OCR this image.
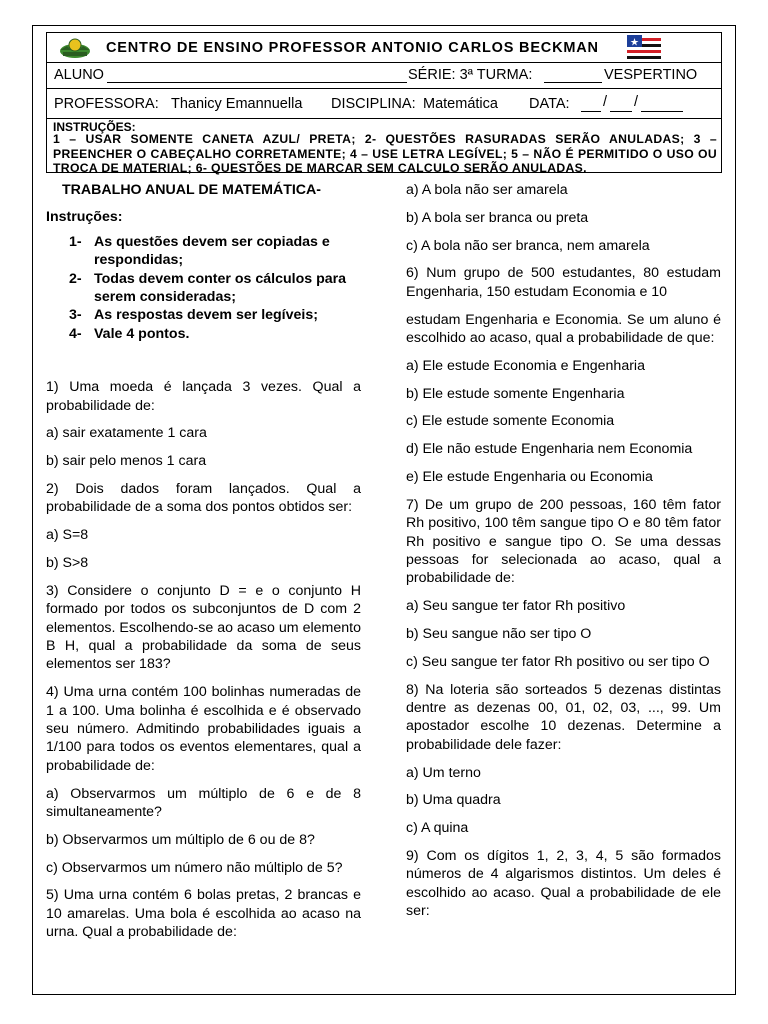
CENTRO DE ENSINO PROFESSOR ANTONIO CARLOS BECKMAN
ALUNO	SÉRIE: 3ª TURMA:	VESPERTINO
PROFESSORA: Thanicy Emannuella DISCIPLINA: Matemática DATA: / /
INSTRUÇÕES:
1 – USAR SOMENTE CANETA AZUL/ PRETA; 2- QUESTÕES RASURADAS SERÃO ANULADAS; 3 – PREENCHER O CABEÇALHO CORRETAMENTE; 4 – USE LETRA LEGÍVEL; 5 – NÃO É PERMITIDO O USO OU TROCA DE MATERIAL; 6- QUESTÕES DE MARCAR SEM CALCULO SERÃO ANULADAS.
TRABALHO ANUAL DE MATEMÁTICA-
Instruções:
1- As questões devem ser copiadas e respondidas;
2- Todas devem conter os cálculos para serem consideradas;
3- As respostas devem ser legíveis;
4- Vale 4 pontos.
1) Uma moeda é lançada 3 vezes. Qual a probabilidade de:
a) sair exatamente 1 cara
b) sair pelo menos 1 cara
2) Dois dados foram lançados. Qual a probabilidade de a soma dos pontos obtidos ser:
a) S=8
b) S>8
3) Considere o conjunto D = e o conjunto H formado por todos os subconjuntos de D com 2 elementos. Escolhendo-se ao acaso um elemento B H, qual a probabilidade da soma de seus elementos ser 183?
4) Uma urna contém 100 bolinhas numeradas de 1 a 100. Uma bolinha é escolhida e é observado seu número. Admitindo probabilidades iguais a 1/100 para todos os eventos elementares, qual a probabilidade de:
a) Observarmos um múltiplo de 6 e de 8 simultaneamente?
b) Observarmos um múltiplo de 6 ou de 8?
c) Observarmos um número não múltiplo de 5?
5) Uma urna contém 6 bolas pretas, 2 brancas e 10 amarelas. Uma bola é escolhida ao acaso na urna. Qual a probabilidade de:
a) A bola não ser amarela
b) A bola ser branca ou preta
c) A bola não ser branca, nem amarela
6) Num grupo de 500 estudantes, 80 estudam Engenharia, 150 estudam Economia e 10
estudam Engenharia e Economia. Se um aluno é escolhido ao acaso, qual a probabilidade de que:
a) Ele estude Economia e Engenharia
b) Ele estude somente Engenharia
c) Ele estude somente Economia
d) Ele não estude Engenharia nem Economia
e) Ele estude Engenharia ou Economia
7) De um grupo de 200 pessoas, 160 têm fator Rh positivo, 100 têm sangue tipo O e 80 têm fator Rh positivo e sangue tipo O. Se uma dessas pessoas for selecionada ao acaso, qual a probabilidade de:
a) Seu sangue ter fator Rh positivo
b) Seu sangue não ser tipo O
c) Seu sangue ter fator Rh positivo ou ser tipo O
8) Na loteria são sorteados 5 dezenas distintas dentre as dezenas 00, 01, 02, 03, ..., 99. Um apostador escolhe 10 dezenas. Determine a probabilidade dele fazer:
a) Um terno
b) Uma quadra
c) A quina
9) Com os dígitos 1, 2, 3, 4, 5 são formados números de 4 algarismos distintos. Um deles é escolhido ao acaso. Qual a probabilidade de ele ser:
